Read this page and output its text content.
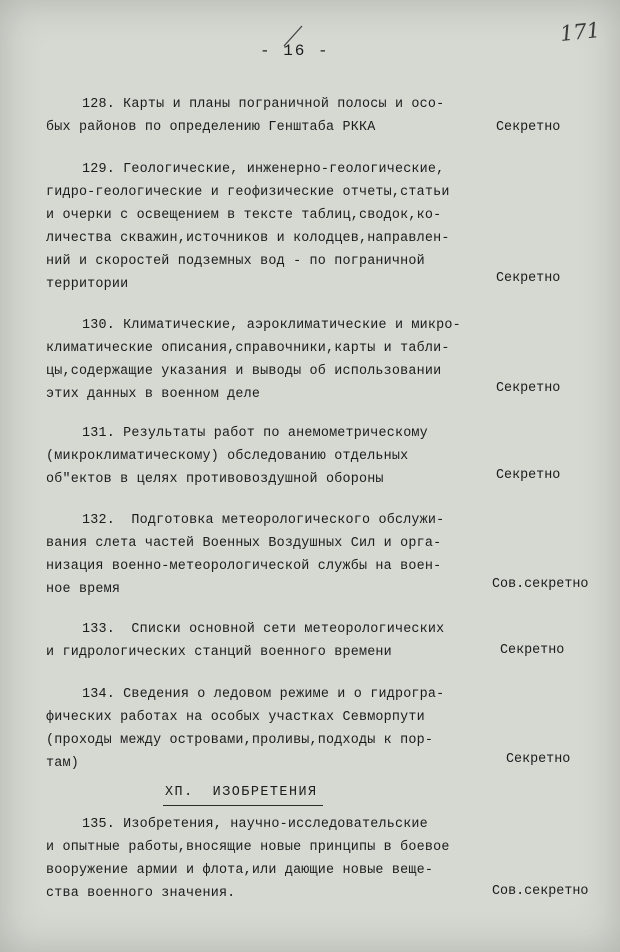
171
- 16 -
128. Карты и планы пограничной полосы и осо-
бых районов по определению Генштаба РККА	Секретно
129. Геологические, инженерно-геологические,
гидро-геологические и геофизические отчеты,статьи
и очерки с освещением в тексте таблиц,сводок,ко-
личества скважин,источников и колодцев,направлен-
ний и скоростей подземных вод - по пограничной
территории	Секретно
130. Климатические, аэроклиматические и микро-
климатические описания,справочники,карты и табли-
цы,содержащие указания и выводы об использовании
этих данных в военном деле	Секретно
131. Результаты работ по анемометрическому
(микроклиматическому) обследованию отдельных
об"ектов в целях противовоздушной обороны	Секретно
132.  Подготовка метеорологического обслужи-
вания слета частей Военных Воздушных Сил и орга-
низация военно-метеорологической службы на воен-
ное время	Сов.секретно
133.  Списки основной сети метеорологических
и гидрологических станций военного времени	Секретно
134. Сведения о ледовом режиме и о гидрогра-
фических работах на особых участках Севморпути
(проходы между островами,проливы,подходы к пор-
там)	Секретно
XП.  ИЗОБРЕТЕНИЯ
135. Изобретения, научно-исследовательские
и опытные работы,вносящие новые принципы в боевое
вооружение армии и флота,или дающие новые веще-
ства военного значения.	Сов.секретно
